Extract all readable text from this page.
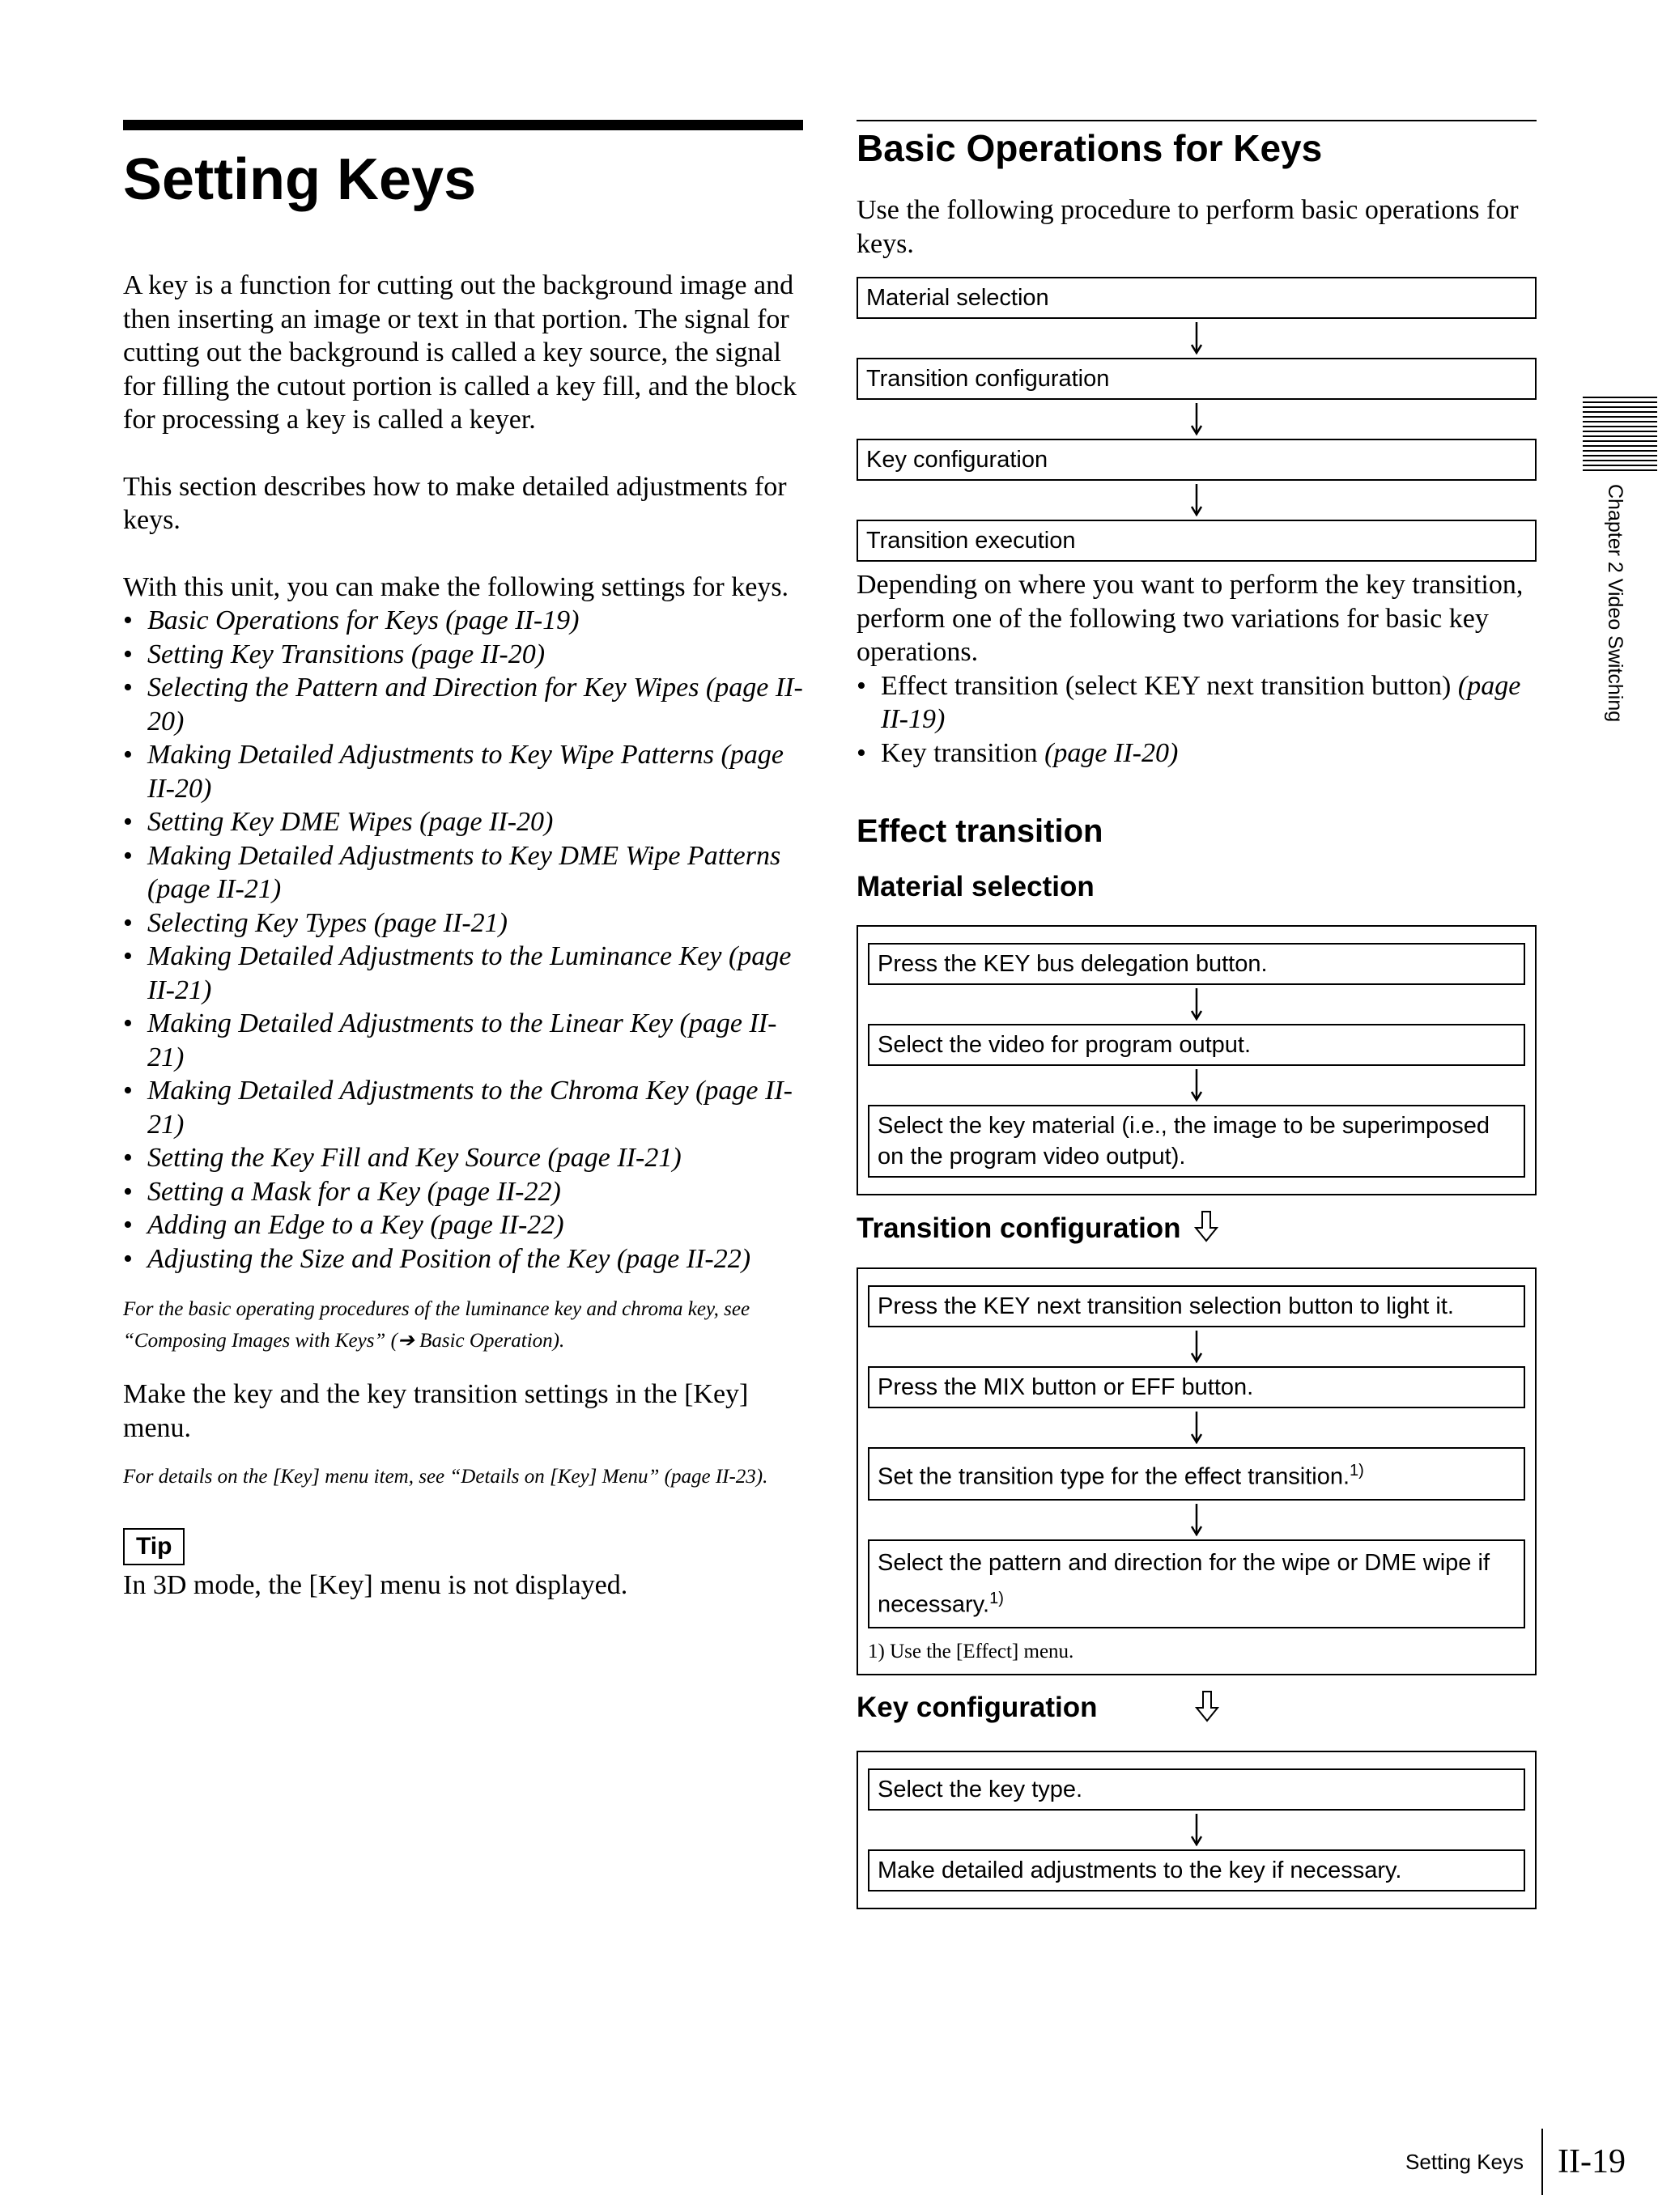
Setting Keys

A key is a function for cutting out the background image and then inserting an image or text in that portion. The signal for cutting out the background is called a key source, the signal for filling the cutout portion is called a key fill, and the block for processing a key is called a keyer.

This section describes how to make detailed adjustments for keys.

With this unit, you can make the following settings for keys.

• Basic Operations for Keys (page II-19)
• Setting Key Transitions (page II-20)
• Selecting the Pattern and Direction for Key Wipes (page II-20)
• Making Detailed Adjustments to Key Wipe Patterns (page II-20)
• Setting Key DME Wipes (page II-20)
• Making Detailed Adjustments to Key DME Wipe Patterns (page II-21)
• Selecting Key Types (page II-21)
• Making Detailed Adjustments to the Luminance Key (page II-21)
• Making Detailed Adjustments to the Linear Key (page II-21)
• Making Detailed Adjustments to the Chroma Key (page II-21)
• Setting the Key Fill and Key Source (page II-21)
• Setting a Mask for a Key (page II-22)
• Adding an Edge to a Key (page II-22)
• Adjusting the Size and Position of the Key (page II-22)

For the basic operating procedures of the luminance key and chroma key, see “Composing Images with Keys” (➔ Basic Operation).

Make the key and the key transition settings in the [Key] menu.

For details on the [Key] menu item, see “Details on [Key] Menu” (page II-23).

Tip

In 3D mode, the [Key] menu is not displayed.

Basic Operations for Keys

Use the following procedure to perform basic operations for keys.

Material selection
Transition configuration
Key configuration
Transition execution

Depending on where you want to perform the key transition, perform one of the following two variations for basic key operations.

• Effect transition (select KEY next transition button) (page II-19)
• Key transition (page II-20)
Effect transition
Material selection
Press the KEY bus delegation button.
Select the video for program output.
Select the key material (i.e., the image to be superimposed on the program video output).
Transition configuration
Press the KEY next transition selection button to light it.
Press the MIX button or EFF button.
Set the transition type for the effect transition.$^{1)}$
Select the pattern and direction for the wipe or DME wipe if necessary.$^{1)}$
1) Use the [Effect] menu.
Key configuration
Select the key type.
Make detailed adjustments to the key if necessary.
Chapter 2 Video Switching
Setting Keys II-19
